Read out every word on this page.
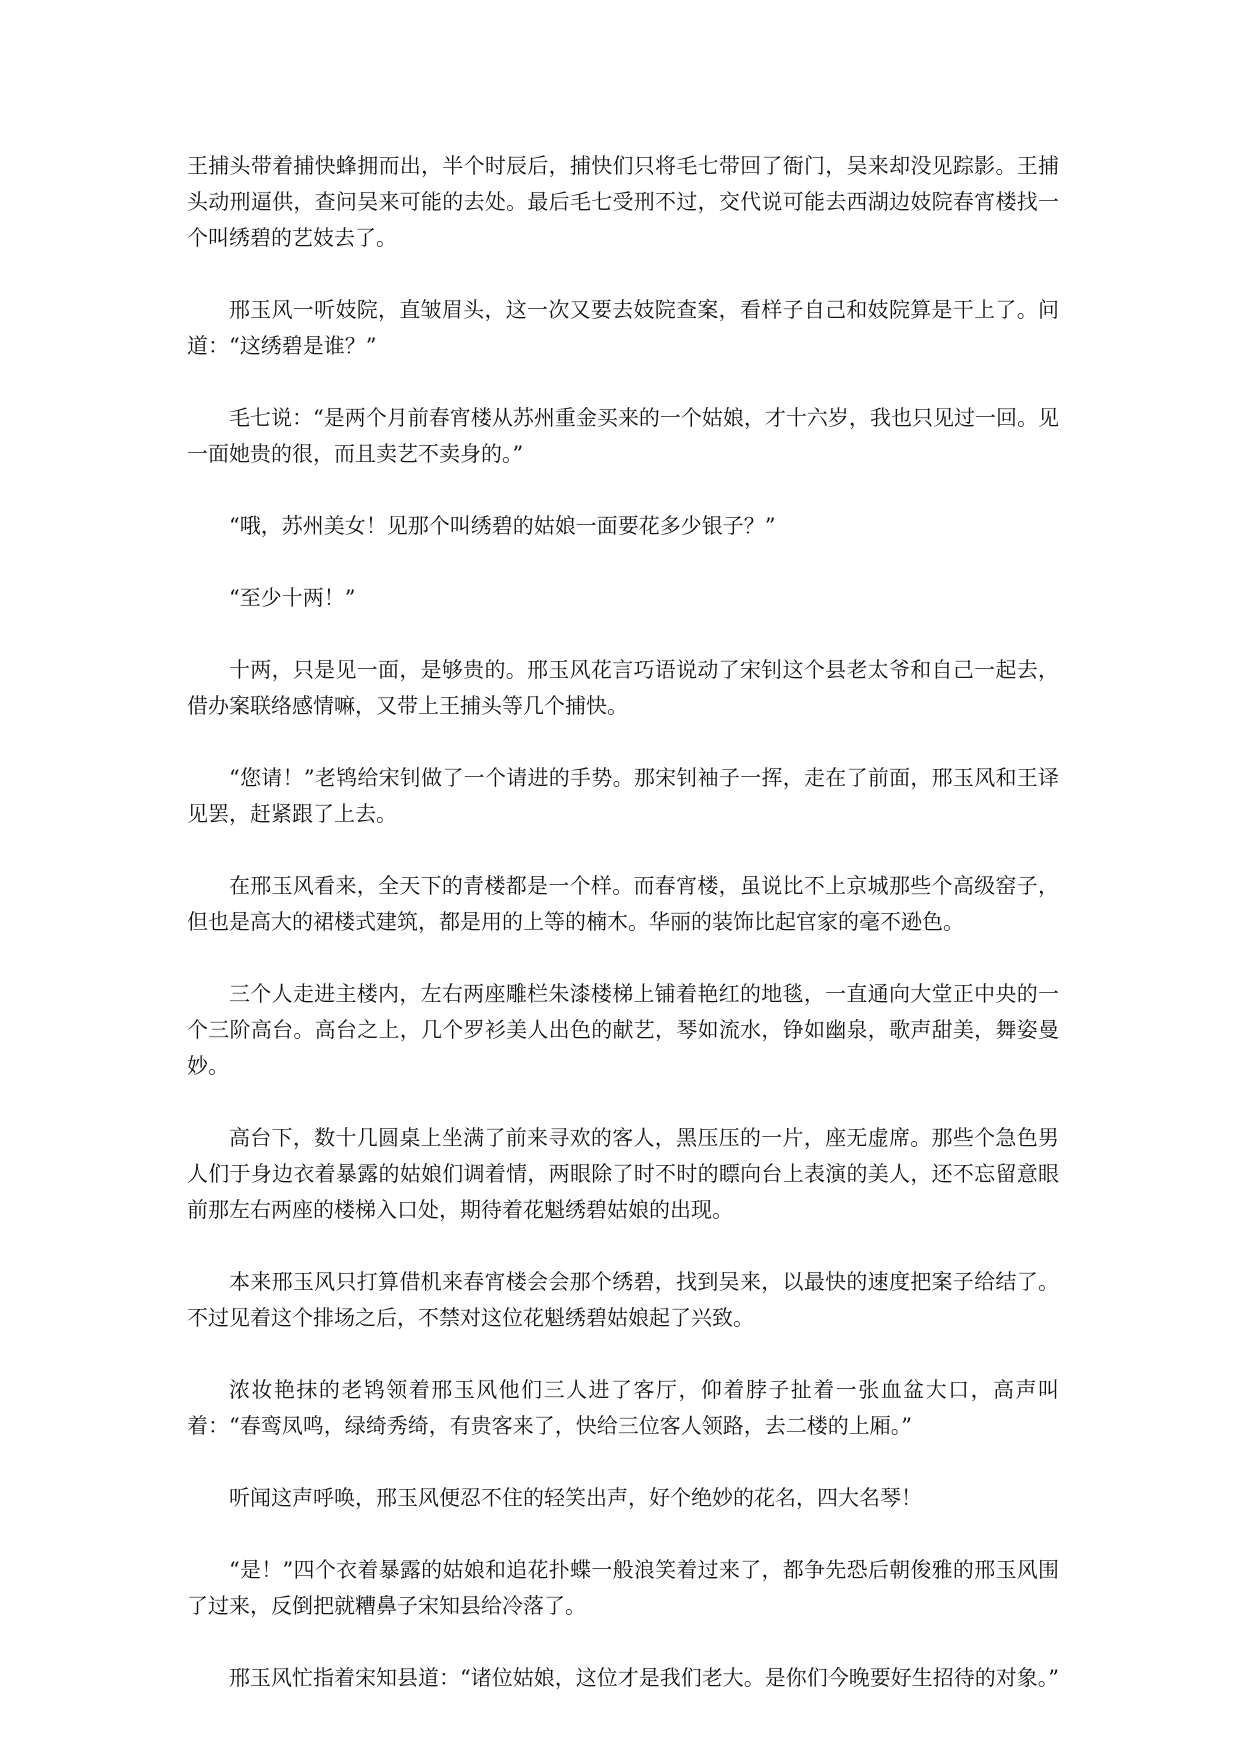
王捕头带着捕快蜂拥而出，半个时辰后，捕快们只将毛七带回了衙门，吴来却没见踪影。王捕头动刑逼供，查问吴来可能的去处。最后毛七受刑不过，交代说可能去西湖边妓院春宵楼找一个叫绣碧的艺妓去了。

邢玉风一听妓院，直皱眉头，这一次又要去妓院查案，看样子自己和妓院算是干上了。问道：“这绣碧是谁？”

毛七说：“是两个月前春宵楼从苏州重金买来的一个姑娘，才十六岁，我也只见过一回。见一面她贵的很，而且卖艺不卖身的。”

“哦，苏州美女！见那个叫绣碧的姑娘一面要花多少银子？”

“至少十两！”

十两，只是见一面，是够贵的。邢玉风花言巧语说动了宋钊这个县老太爷和自己一起去，借办案联络感情嘛，又带上王捕头等几个捕快。

“您请！”老鸨给宋钊做了一个请进的手势。那宋钊袖子一挥，走在了前面，邢玉风和王译见罢，赶紧跟了上去。

在邢玉风看来，全天下的青楼都是一个样。而春宵楼，虽说比不上京城那些个高级窑子，但也是高大的裙楼式建筑，都是用的上等的楠木。华丽的装饰比起官家的毫不逊色。

三个人走进主楼内，左右两座雕栏朱漆楼梯上铺着艳红的地毯，一直通向大堂正中央的一个三阶高台。高台之上，几个罗衫美人出色的献艺，琴如流水，铮如幽泉，歌声甜美，舞姿曼妙。

高台下，数十几圆桌上坐满了前来寻欢的客人，黑压压的一片，座无虚席。那些个急色男人们于身边衣着暴露的姑娘们调着情，两眼除了时不时的瞟向台上表演的美人，还不忘留意眼前那左右两座的楼梯入口处，期待着花魁绣碧姑娘的出现。

本来邢玉风只打算借机来春宵楼会会那个绣碧，找到吴来，以最快的速度把案子给结了。不过见着这个排场之后，不禁对这位花魁绣碧姑娘起了兴致。

浓妆艳抹的老鸨领着邢玉风他们三人进了客厅，仰着脖子扯着一张血盆大口，高声叫着：“春鸾凤鸣，绿绮秀绮，有贵客来了，快给三位客人领路，去二楼的上厢。”

听闻这声呼唤，邢玉风便忍不住的轻笑出声，好个绝妙的花名，四大名琴！

“是！”四个衣着暴露的姑娘和追花扑蝶一般浪笑着过来了，都争先恐后朝俊雅的邢玉风围了过来，反倒把就糟鼻子宋知县给冷落了。

邢玉风忙指着宋知县道：“诸位姑娘，这位才是我们老大。是你们今晚要好生招待的对象。”
